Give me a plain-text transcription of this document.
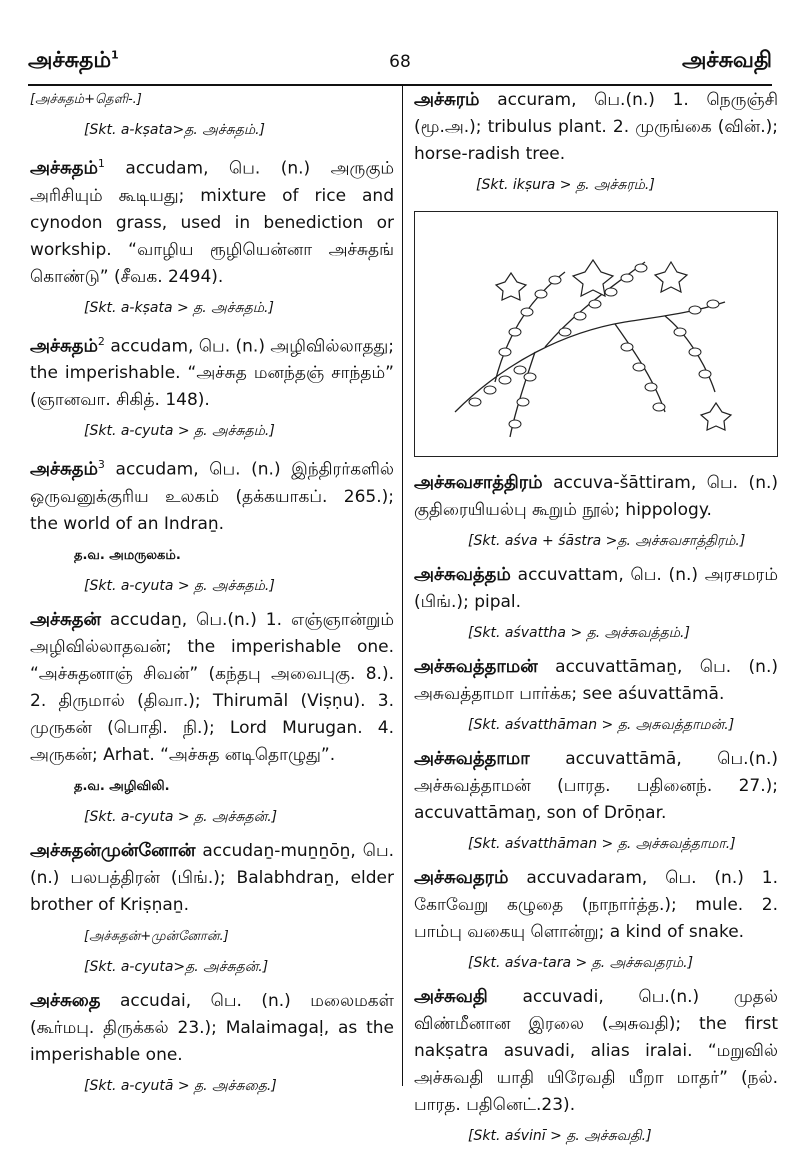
அச்சுதம்$^1$	68	அச்சுவதி
[அச்சுதம்+தெளி-.]
[Skt. a-kṣata>த. அச்சுதம்.]
அச்சுதம்$^1$ accudam, பெ. (n.) அருகும் அரிசியும் கூடியது; mixture of rice and cynodon grass, used in benediction or workship. “வாழிய ரூழியென்னா அச்சுதங் கொண்டு” (சீவக. 2494).
[Skt. a-kṣata > த. அச்சுதம்.]
அச்சுதம்$^2$ accudam, பெ. (n.) அழிவில்லாதது; the imperishable. “அச்சுத மனந்தஞ் சாந்தம்” (ஞானவா. சிகித். 148).
[Skt. a-cyuta > த. அச்சுதம்.]
அச்சுதம்$^3$ accudam, பெ. (n.) இந்திரர்களில் ஒருவனுக்குரிய உலகம் (தக்கயாகப். 265.); the world of an Indraṉ.
த.வ. அமருலகம்.
[Skt. a-cyuta > த. அச்சுதம்.]
அச்சுதன் accudaṉ, பெ.(n.) 1. எஞ்ஞான்றும் அழிவில்லாதவன்; the imperishable one. “அச்சுதனாஞ் சிவன்” (கந்தபு அவைபுகு. 8.). 2. திருமால் (திவா.); Thirumāl (Viṣṇu). 3. முருகன் (பொதி. நி.); Lord Murugan. 4. அருகன்; Arhat. “அச்சுத னடிதொழுது”.
த.வ. அழிவிலி.
[Skt. a-cyuta > த. அச்சுதன்.]
அச்சுதன்முன்னோன் accudaṉ-muṉṉōṉ, பெ. (n.) பலபத்திரன் (பிங்.); Balabhdraṉ, elder brother of Kriṣṇaṉ.
[அச்சுதன்+முன்னோன்.]
[Skt. a-cyuta>த. அச்சுதன்.]
அச்சுதை accudai, பெ. (n.) மலைமகள் (கூர்மபு. திருக்கல் 23.); Malaimagaḷ, as the imperishable one.
[Skt. a-cyutā > த. அச்சுதை.]
அச்சுரம் accuram, பெ.(n.) 1. நெருஞ்சி (மூ.அ.); tribulus plant. 2. முருங்கை (வின்.); horse-radish tree.
[Skt. ikṣura > த. அச்சுரம்.]
அச்சுவசாத்திரம் accuva-šāttiram, பெ. (n.) குதிரையியல்பு கூறும் நூல்; hippology.
[Skt. aśva + śāstra >த. அச்சுவசாத்திரம்.]
அச்சுவத்தம் accuvattam, பெ. (n.) அரசமரம் (பிங்.); pipal.
[Skt. aśvattha > த. அச்சுவத்தம்.]
அச்சுவத்தாமன் accuvattāmaṉ, பெ. (n.) அசுவத்தாமா பார்க்க; see aśuvattāmā.
[Skt. aśvatthāman > த. அசுவத்தாமன்.]
அச்சுவத்தாமா accuvattāmā, பெ.(n.) அச்சுவத்தாமன் (பாரத. பதினைந். 27.); accuvattāmaṉ, son of Drōṇar.
[Skt. aśvatthāman > த. அச்சுவத்தாமா.]
அச்சுவதரம் accuvadaram, பெ. (n.) 1. கோவேறு கழுதை (நாநார்த்த.); mule. 2. பாம்பு வகையு ளொன்று; a kind of snake.
[Skt. aśva-tara > த. அச்சுவதரம்.]
அச்சுவதி accuvadi, பெ.(n.) முதல் விண்மீனான இரலை (அசுவதி); the first nakṣatra asuvadi, alias iralai. “மறுவில் அச்சுவதி யாதி யிரேவதி யீறா மாதர்” (நல். பாரத. பதினெட்.23).
[Skt. aśvinī > த. அச்சுவதி.]
